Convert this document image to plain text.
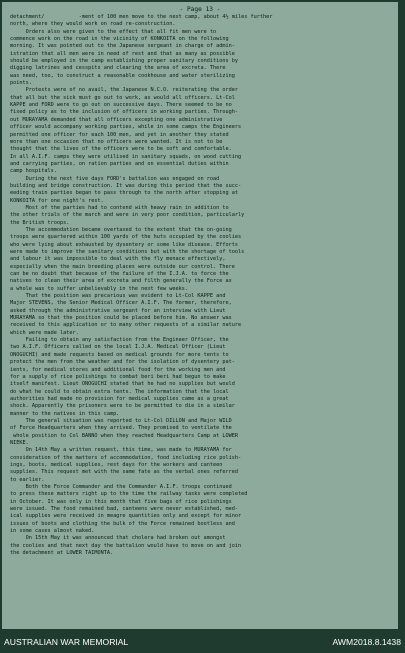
- Page 13 -
detachment/           -ment of 100 men move to the next camp, about 4½ miles further
north, where they would work on road re-construction.
Orders also were given to the effect that all fit men were to
commence work on the road in the vicinity of KONKOITA on the following
morning. It was pointed out to the Japanese sergeant in charge of admin-
istration that all men were in need of rest and that as many as possible
should be employed in the camp establishing proper sanitary conditions by
digging latrines and cesspits and clearing the area of excreta. There
was need, too, to construct a reasonable cookhouse and water sterilizing
points.
Protests were of no avail, the Japanese N.C.O. reiterating the order
that all but the sick must go out to work, as would all officers. Lt-Col
KAPPE and FORD were to go out on successive days. There seemed to be no
fixed policy as to the inclusion of officers in working parties. Through-
out MURAYAMA demanded that all officers excepting one administrative
officer would accompany working parties, while in some camps the Engineers
permitted one officer for each 100 men, and yet in another they stated
more than one occasion that no officers were wanted. It is not to be
thought that the lives of the officers were to be soft and comfortable.
In all A.I.F. camps they were utilised in sanitary squads, on wood cutting
and carrying parties, on ration parties and on essential duties within
camp hospitals.
During the next five days FORD's battalion was engaged on road
building and bridge construction. It was during this period that the succ-
eeding train parties began to pass through to the north after stopping at
KONKOITA for one night's rest.
Most of the parties had to contend with heavy rain in addition to
the other trials of the march and were in very poor condition, particularly
the British troops.
The accommodation became overtaxed to the extent that the on-going
troops were quartered within 100 yards of the huts occupied by the coolies
who were lying about exhausted by dysentery or some like disease. Efforts
were made to improve the sanitary conditions but with the shortage of tools
and labour it was impossible to deal with the fly menace effectively,
especially when the main breeding places were outside our control. There
can be no doubt that because of the failure of the I.J.A. to force the
natives to clean their area of excreta and filth generally the Force as
a whole was to suffer unbelievably in the next few weeks.
That the position was precarious was evident to Lt-Col KAPPE and
Major STEVENS, the Senior Medical Officer A.I.F. The former, therefore,
asked through the administrative sergeant for an interview with Lieut
MURAYAMA so that the position could be placed before him. No answer was
received to this application or to many other requests of a similar nature
which were made later.
Failing to obtain any satisfaction from the Engineer Officer, the
two A.I.F. Officers called on the local I.J.A. Medical Officer (Lieut
ONOGUCHI) and made requests based on medical grounds for more tents to
protect the men from the weather and for the isolation of dysentery pat-
ients, for medical stores and additional food for the working men and
for a supply of rice polishings to combat beri beri had begun to make
itself manifest. Lieut ONOGUCHI stated that he had no supplies but would
do what he could to obtain extra tents. The information that the local
authorities had made no provision for medical supplies came as a great
shock. Apparently the prisoners were to be permitted to die in a similar
manner to the natives in this camp.
The general situation was reported to Lt-Col DILLON and Major WILD
of Force Headquarters when they arrived. They promised to ventilate the
whole position to Col BANNO when they reached Headquarters Camp at LOWER
NIEKE.
On 14th May a written request, this time, was made to MURAYAMA for
consideration of the matters of accommodation, food including rice polish-
ings, boots, medical supplies, rest days for the workers and canteen
supplies. This request met with the same fate as the verbal ones referred
to earlier.
Both the Force Commander and the Commander A.I.F. troops continued
to press these matters right up to the time the railway tasks were completed
in October. It was only in this month that five bags of rice polishings
were issued. The food remained bad, canteens were never established, med-
ical supplies were received in meagre quantities only and except for minor
issues of boots and clothing the bulk of the Force remained bootless and
in some cases almost naked.
On 15th May it was announced that cholera had broken out amongst
the coolies and that next day the battalion would have to move on and join
the detachment at LOWER TAIMONTA.
AUSTRALIAN WAR MEMORIAL	AWM2018.8.1438
